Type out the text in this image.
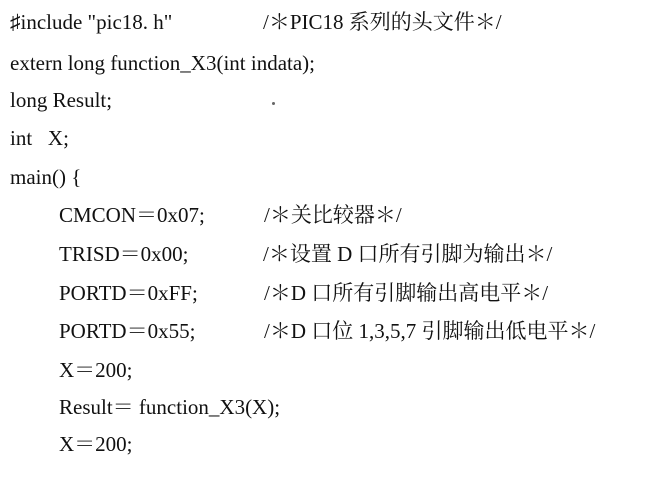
♯include "pic18. h"

	/＊PIC18 系列的头文件＊/

extern long function_X3(int indata);

long Result;

int   X;

main() {

CMCON＝0x07;

	/＊关比较器＊/

TRISD＝0x00;

	/＊设置 D 口所有引脚为输出＊/

PORTD＝0xFF;

	/＊D 口所有引脚输出高电平＊/

PORTD＝0x55;

	/＊D 口位 1,3,5,7 引脚输出低电平＊/

X＝200;

Result＝ function_X3(X);

X＝200;
